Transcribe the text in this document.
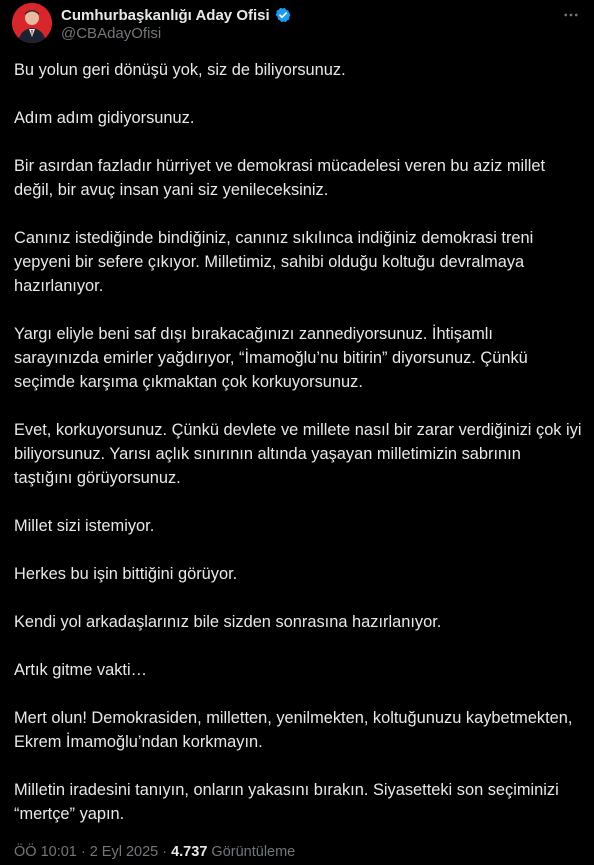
Cumhurbaşkanlığı Aday Ofisi
@CBAdayOfisi

Bu yolun geri dönüşü yok, siz de biliyorsunuz.

Adım adım gidiyorsunuz.

Bir asırdan fazladır hürriyet ve demokrasi mücadelesi veren bu aziz millet değil, bir avuç insan yani siz yenileceksiniz.

Canınız istediğinde bindiğiniz, canınız sıkılınca indiğiniz demokrasi treni yepyeni bir sefere çıkıyor. Milletimiz, sahibi olduğu koltuğu devralmaya hazırlanıyor.

Yargı eliyle beni saf dışı bırakacağınızı zannediyorsunuz. İhtişamlı sarayınızda emirler yağdırıyor, “İmamoğlu’nu bitirin” diyorsunuz. Çünkü seçimde karşıma çıkmaktan çok korkuyorsunuz.

Evet, korkuyorsunuz. Çünkü devlete ve millete nasıl bir zarar verdiğinizi çok iyi biliyorsunuz. Yarısı açlık sınırının altında yaşayan milletimizin sabrının taştığını görüyorsunuz.

Millet sizi istemiyor.

Herkes bu işin bittiğini görüyor.

Kendi yol arkadaşlarınız bile sizden sonrasına hazırlanıyor.

Artık gitme vakti…

Mert olun! Demokrasiden, milletten, yenilmekten, koltuğunuzu kaybetmekten, Ekrem İmamoğlu’ndan korkmayın.

Milletin iradesini tanıyın, onların yakasını bırakın. Siyasetteki son seçiminizi “mertçe” yapın.

ÖÖ 10:01 · 2 Eyl 2025 · 4.737
Görüntüleme
